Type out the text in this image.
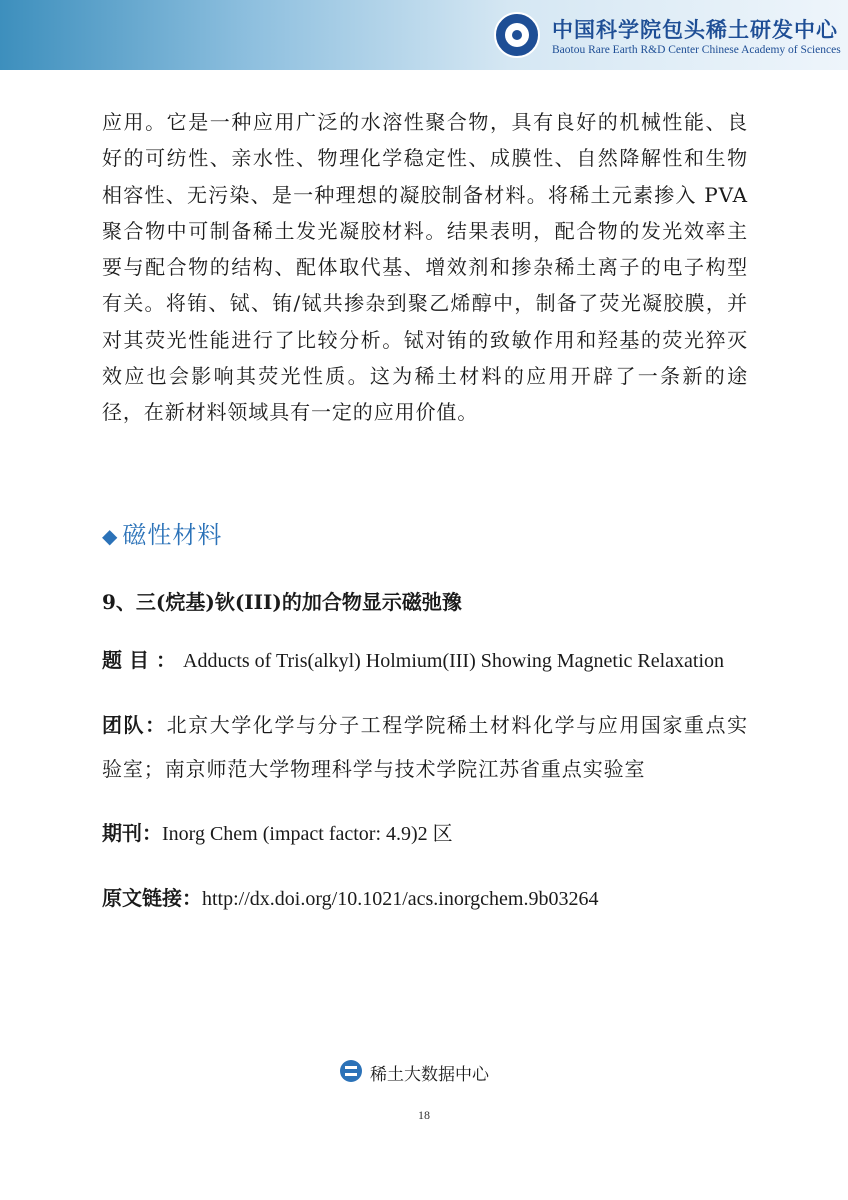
中国科学院包头稀土研发中心
Baotou Rare Earth R&D Center Chinese Academy of Sciences

应用。它是一种应用广泛的水溶性聚合物，具有良好的机械性能、良好的可纺性、亲水性、物理化学稳定性、成膜性、自然降解性和生物相容性、无污染、是一种理想的凝胶制备材料。将稀土元素掺入 PVA 聚合物中可制备稀土发光凝胶材料。结果表明，配合物的发光效率主要与配合物的结构、配体取代基、增效剂和掺杂稀土离子的电子构型有关。将铕、铽、铕/铽共掺杂到聚乙烯醇中，制备了荧光凝胶膜，并对其荧光性能进行了比较分析。铽对铕的致敏作用和羟基的荧光猝灭效应也会影响其荧光性质。这为稀土材料的应用开辟了一条新的途径，在新材料领域具有一定的应用价值。

◆ 磁性材料
9、三(烷基)钬(III)的加合物显示磁弛豫
题目：Adducts of Tris(alkyl) Holmium(III) Showing Magnetic Relaxation
团队：北京大学化学与分子工程学院稀土材料化学与应用国家重点实验室；南京师范大学物理科学与技术学院江苏省重点实验室
期刊：Inorg Chem (impact factor: 4.9)2 区
原文链接：http://dx.doi.org/10.1021/acs.inorgchem.9b03264
稀土大数据中心
18
